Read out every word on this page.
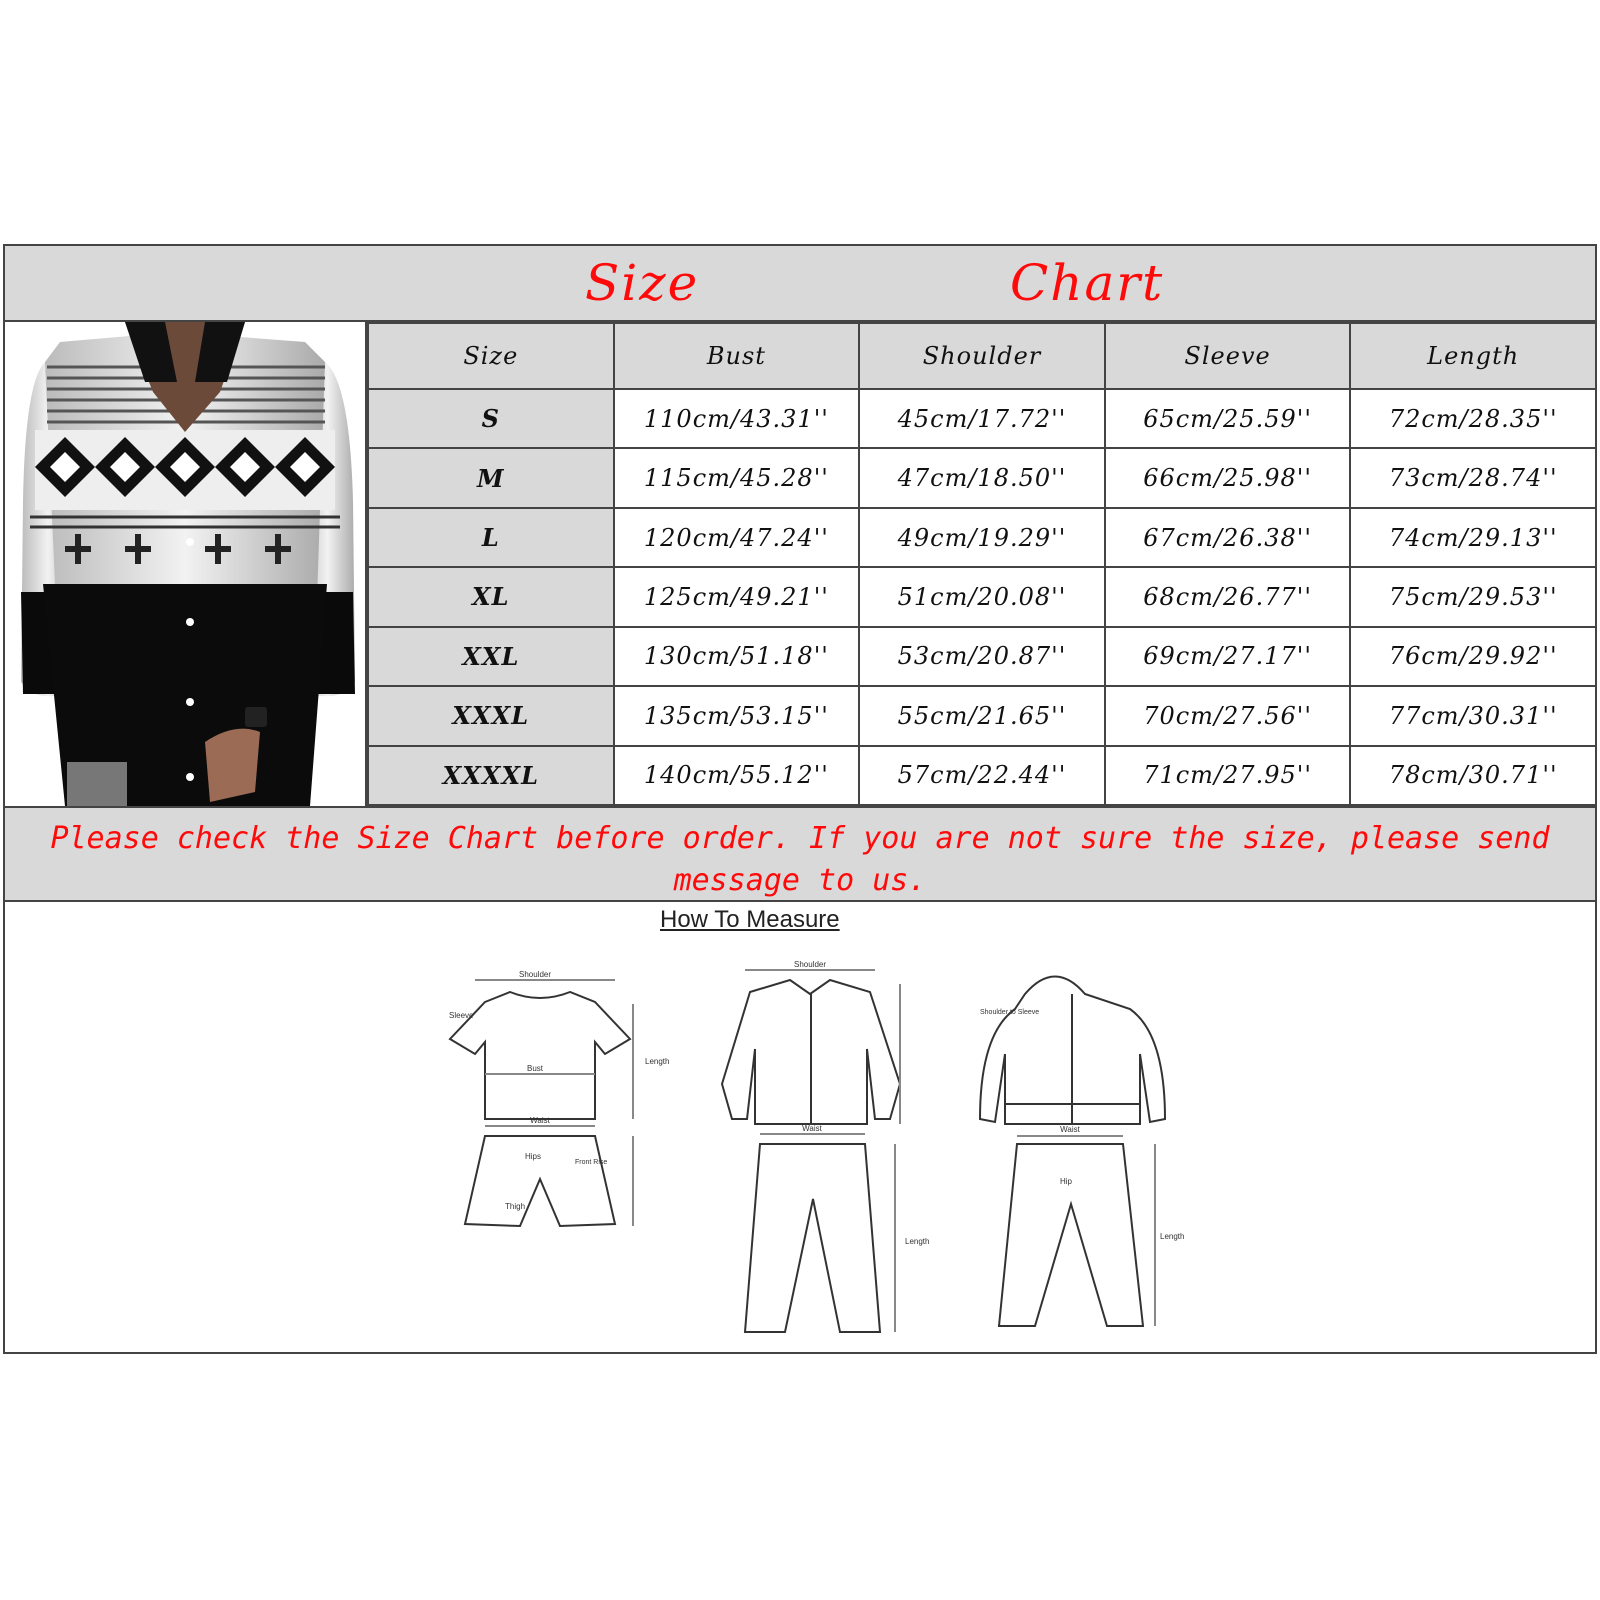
Size	Chart
Size	Bust	Shoulder	Sleeve	Length
S	110cm/43.31''	45cm/17.72''	65cm/25.59''	72cm/28.35''
M	115cm/45.28''	47cm/18.50''	66cm/25.98''	73cm/28.74''
L	120cm/47.24''	49cm/19.29''	67cm/26.38''	74cm/29.13''
XL	125cm/49.21''	51cm/20.08''	68cm/26.77''	75cm/29.53''
XXL	130cm/51.18''	53cm/20.87''	69cm/27.17''	76cm/29.92''
XXXL	135cm/53.15''	55cm/21.65''	70cm/27.56''	77cm/30.31''
XXXXL	140cm/55.12''	57cm/22.44''	71cm/27.95''	78cm/30.71''
Please check the Size Chart before order. If you are not sure the size, please send message to us.
How To Measure
Shoulder
Bust
Length
Sleeve
Waist
Hips
Front Rise
Thigh
Shoulder
Waist
Length
Shoulder to Sleeve
Waist
Hip
Length
